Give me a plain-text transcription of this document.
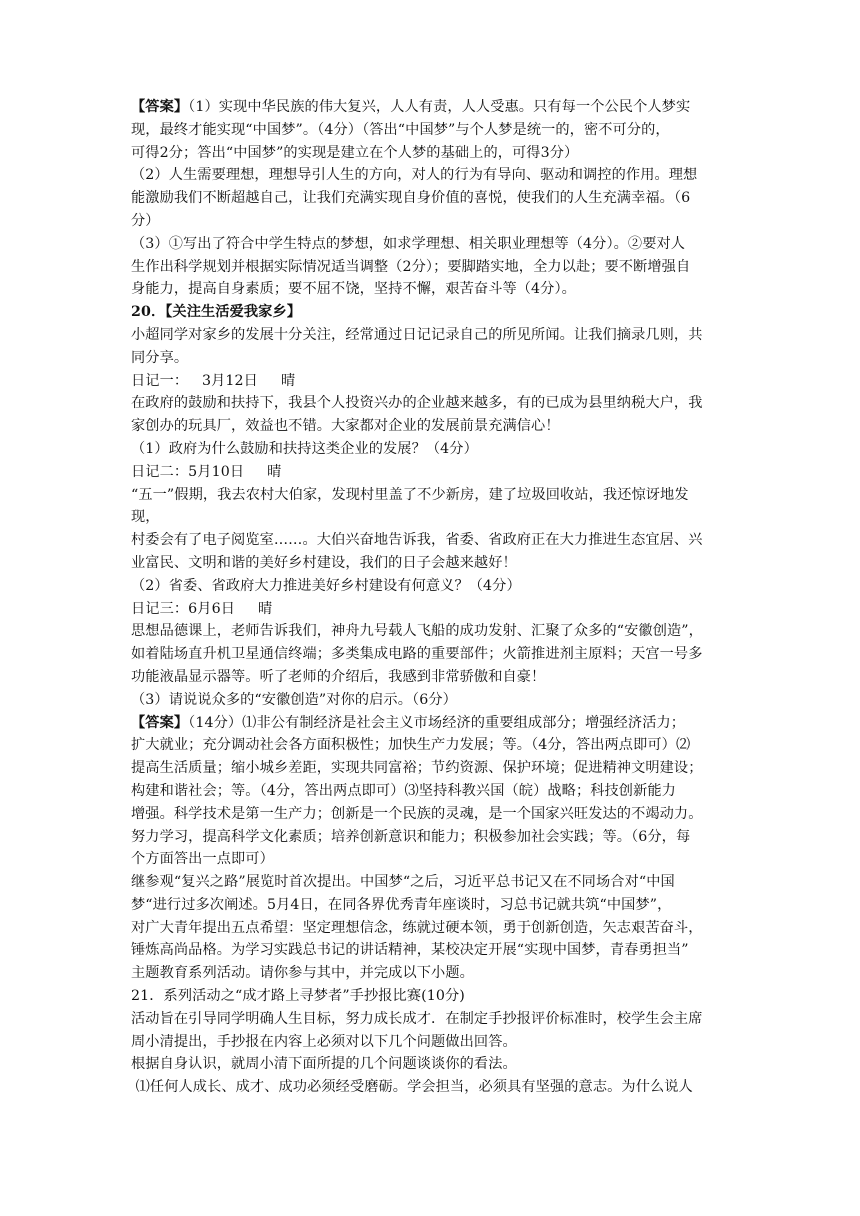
【答案】（1）实现中华民族的伟大复兴，人人有责，人人受惠。只有每一个公民个人梦实
现，最终才能实现“中国梦”。（4分）（答出“中国梦”与个人梦是统一的，密不可分的，
可得2分；答出“中国梦”的实现是建立在个人梦的基础上的，可得3分）
（2）人生需要理想，理想导引人生的方向，对人的行为有导向、驱动和调控的作用。理想
能激励我们不断超越自己，让我们充满实现自身价值的喜悦，使我们的人生充满幸福。（6
分）
（3）①写出了符合中学生特点的梦想，如求学理想、相关职业理想等（4分）。②要对人
生作出科学规划并根据实际情况适当调整（2分）；要脚踏实地，全力以赴；要不断增强自
身能力，提高自身素质；要不屈不饶，坚持不懈，艰苦奋斗等（4分）。
20．【关注生活爱我家乡】
小超同学对家乡的发展十分关注，经常通过日记记录自己的所见所闻。让我们摘录几则，共
同分享。
日记一：   3月12日     晴
在政府的鼓励和扶持下，我县个人投资兴办的企业越来越多，有的已成为县里纳税大户，我
家创办的玩具厂，效益也不错。大家都对企业的发展前景充满信心！
（1）政府为什么鼓励和扶持这类企业的发展？（4分）
日记二：5月10日     晴
“五一”假期，我去农村大伯家，发现村里盖了不少新房，建了垃圾回收站，我还惊讶地发
现，
村委会有了电子阅览室……。大伯兴奋地告诉我，省委、省政府正在大力推进生态宜居、兴
业富民、文明和谐的美好乡村建设，我们的日子会越来越好！
（2）省委、省政府大力推进美好乡村建设有何意义？（4分）
日记三：6月6日     晴
思想品德课上，老师告诉我们，神舟九号载人飞船的成功发射、汇聚了众多的“安徽创造”，
如着陆场直升机卫星通信终端；多类集成电路的重要部件；火箭推进剂主原料；天宫一号多
功能液晶显示器等。听了老师的介绍后，我感到非常骄傲和自豪！
（3）请说说众多的“安徽创造”对你的启示。（6分）
【答案】（14分）⑴非公有制经济是社会主义市场经济的重要组成部分；增强经济活力；
扩大就业；充分调动社会各方面积极性；加快生产力发展；等。（4分，答出两点即可）⑵
提高生活质量；缩小城乡差距，实现共同富裕；节约资源、保护环境；促进精神文明建设；
构建和谐社会；等。（4分，答出两点即可）⑶坚持科教兴国（皖）战略；科技创新能力
增强。科学技术是第一生产力；创新是一个民族的灵魂，是一个国家兴旺发达的不竭动力。
努力学习，提高科学文化素质；培养创新意识和能力；积极参加社会实践；等。（6分，每
个方面答出一点即可）
继参观“复兴之路”展览时首次提出。中国梦“之后，习近平总书记又在不同场合对“中国
梦“进行过多次阐述。5月4日，在同各界优秀青年座谈时，习总书记就共筑“中国梦”，
对广大青年提出五点希望：坚定理想信念，练就过硬本领，勇于创新创造，矢志艰苦奋斗，
锤炼高尚品格。为学习实践总书记的讲话精神，某校决定开展“实现中国梦，青春勇担当”
主题教育系列活动。请你参与其中，并完成以下小题。
21．系列活动之“成才路上寻梦者”手抄报比赛(10分)
活动旨在引导同学明确人生目标，努力成长成才．在制定手抄报评价标准时，校学生会主席
周小清提出，手抄报在内容上必须对以下几个问题做出回答。
根据自身认识，就周小清下面所提的几个问题谈谈你的看法。
⑴任何人成长、成才、成功必须经受磨砺。学会担当，必须具有坚强的意志。为什么说人
